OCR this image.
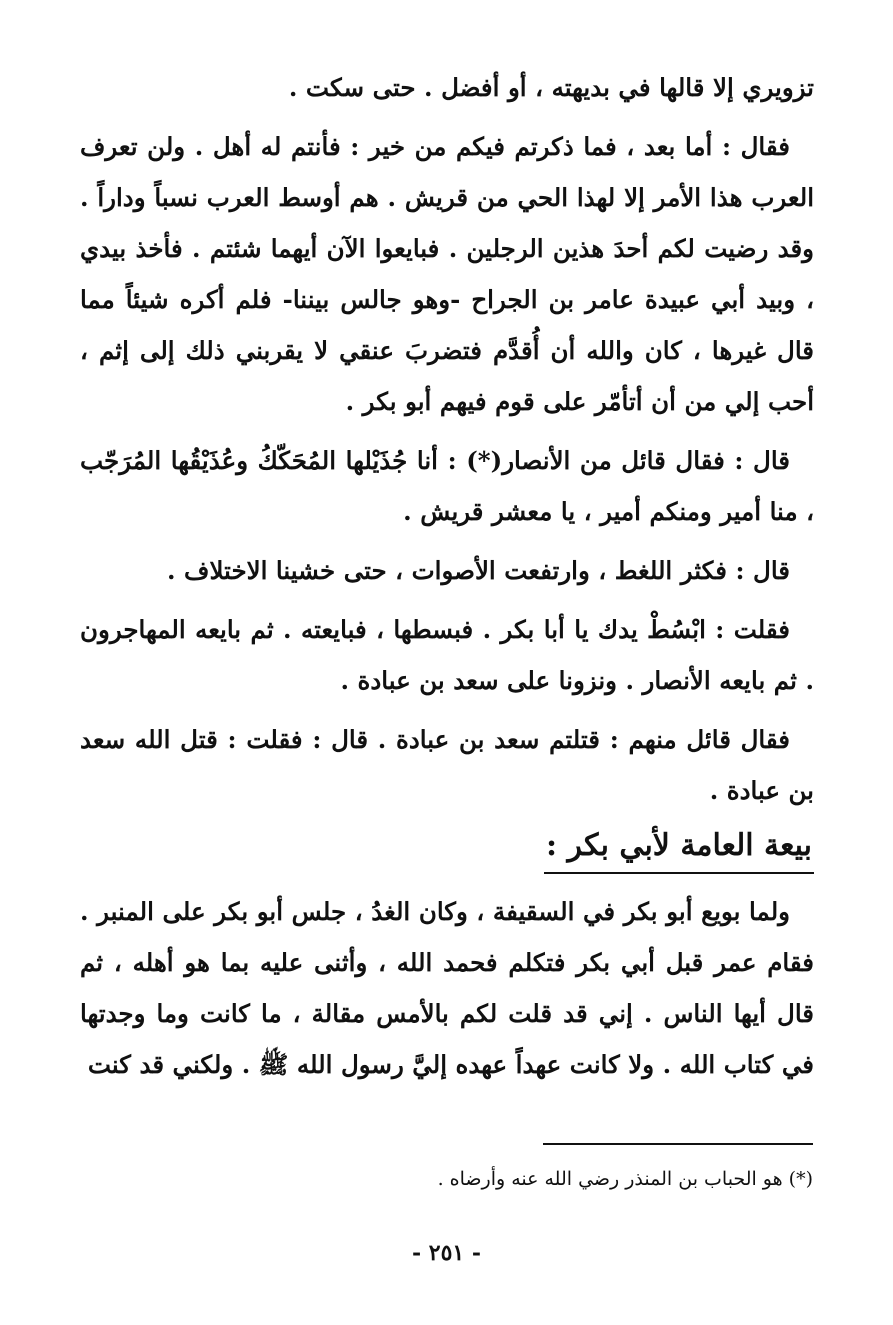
تزويري إلا قالها في بديهته ، أو أفضل . حتى سكت .

فقال : أما بعد ، فما ذكرتم فيكم من خير : فأنتم له أهل . ولن تعرف العرب هذا الأمر إلا لهذا الحي من قريش . هم أوسط العرب نسباً وداراً . وقد رضيت لكم أحدَ هذين الرجلين . فبايعوا الآن أيهما شئتم . فأخذ بيدي ، وبيد أبي عبيدة عامر بن الجراح -وهو جالس بيننا- فلم أكره شيئاً مما قال غيرها ، كان والله أن أُقدَّم فتضربَ عنقي لا يقربني ذلك إلى إثم ، أحب إلي من أن أتأمّر على قوم فيهم أبو بكر .

قال : فقال قائل من الأنصار(*) : أنا جُذَيْلها المُحَكّكُ وعُذَيْقُها المُرَجّب ، منا أمير ومنكم أمير ، يا معشر قريش .

قال : فكثر اللغط ، وارتفعت الأصوات ، حتى خشينا الاختلاف .

فقلت : ابْسُطْ يدك يا أبا بكر . فبسطها ، فبايعته . ثم بايعه المهاجرون . ثم بايعه الأنصار . ونزونا على سعد بن عبادة .

فقال قائل منهم : قتلتم سعد بن عبادة . قال : فقلت : قتل الله سعد بن عبادة .

بيعة العامة لأبي بكر :

ولما بويع أبو بكر في السقيفة ، وكان الغدُ ، جلس أبو بكر على المنبر . فقام عمر قبل أبي بكر فتكلم فحمد الله ، وأثنى عليه بما هو أهله ، ثم قال أيها الناس . إني قد قلت لكم بالأمس مقالة ، ما كانت وما وجدتها في كتاب الله . ولا كانت عهداً عهده إليَّ رسول الله ﷺ . ولكني قد كنت

(*) هو الحباب بن المنذر رضي الله عنه وأرضاه .
- ٢٥١ -
